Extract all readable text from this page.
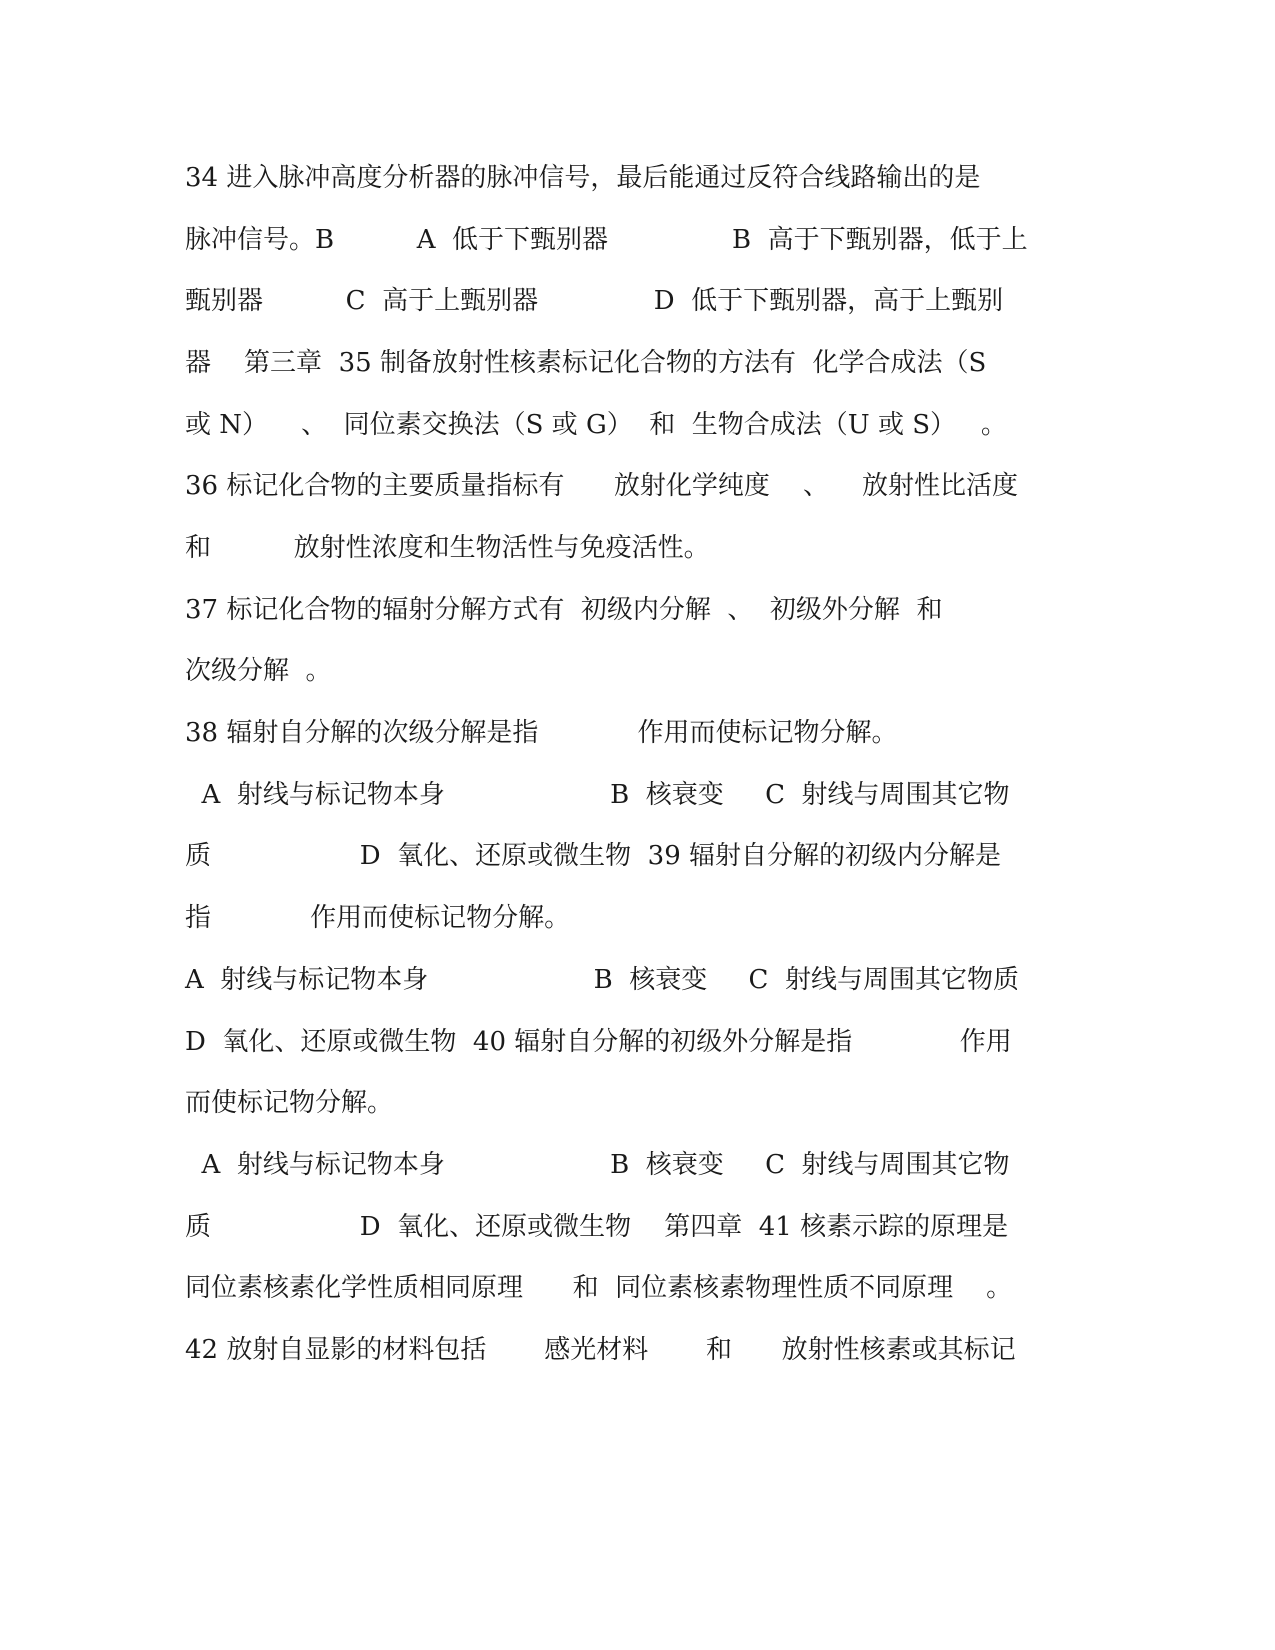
34 进入脉冲高度分析器的脉冲信号，最后能通过反符合线路输出的是
脉冲信号。B          A  低于下甄别器               B  高于下甄别器，低于上
甄别器          C  高于上甄别器              D  低于下甄别器，高于上甄别
器    第三章  35 制备放射性核素标记化合物的方法有  化学合成法（S
或 N）    、  同位素交换法（S 或 G）  和  生物合成法（U 或 S）   。
36 标记化合物的主要质量指标有      放射化学纯度    、    放射性比活度
和          放射性浓度和生物活性与免疫活性。
37 标记化合物的辐射分解方式有  初级内分解  、  初级外分解  和
次级分解  。
38 辐射自分解的次级分解是指            作用而使标记物分解。
A  射线与标记物本身                    B  核衰变     C  射线与周围其它物
质                  D  氧化、还原或微生物  39 辐射自分解的初级内分解是
指            作用而使标记物分解。
A  射线与标记物本身                    B  核衰变     C  射线与周围其它物质
D  氧化、还原或微生物  40 辐射自分解的初级外分解是指             作用
而使标记物分解。
A  射线与标记物本身                    B  核衰变     C  射线与周围其它物
质                  D  氧化、还原或微生物    第四章  41 核素示踪的原理是
同位素核素化学性质相同原理      和  同位素核素物理性质不同原理    。
42 放射自显影的材料包括       感光材料       和      放射性核素或其标记
